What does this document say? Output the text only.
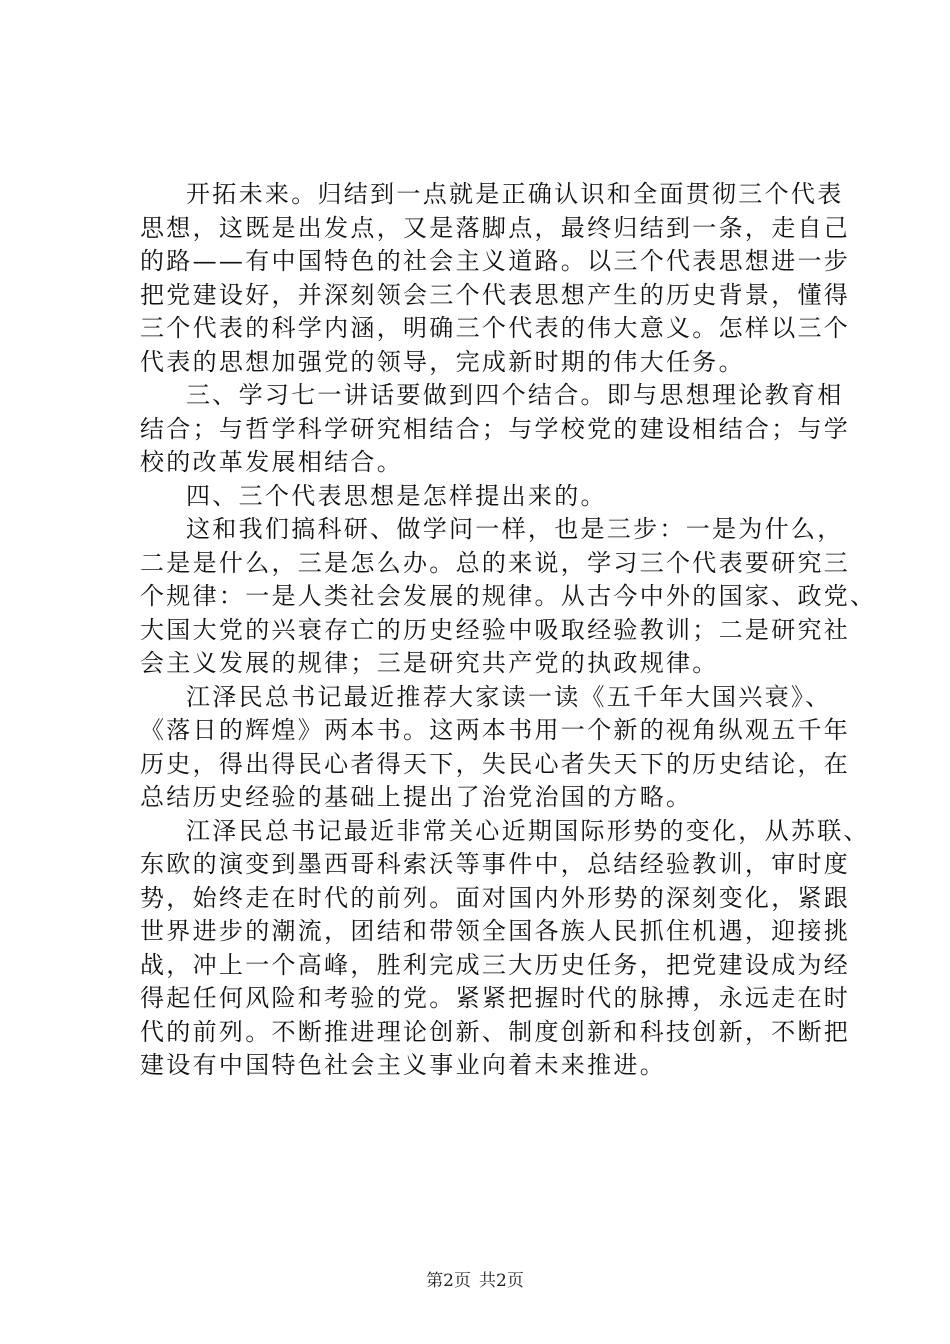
开拓未来。归结到一点就是正确认识和全面贯彻三个代表
思想，这既是出发点，又是落脚点，最终归结到一条，走自己
的路——有中国特色的社会主义道路。以三个代表思想进一步
把党建设好，并深刻领会三个代表思想产生的历史背景，懂得
三个代表的科学内涵，明确三个代表的伟大意义。怎样以三个
代表的思想加强党的领导，完成新时期的伟大任务。
三、学习七一讲话要做到四个结合。即与思想理论教育相
结合；与哲学科学研究相结合；与学校党的建设相结合；与学
校的改革发展相结合。
四、三个代表思想是怎样提出来的。
这和我们搞科研、做学问一样，也是三步：一是为什么，
二是是什么，三是怎么办。总的来说，学习三个代表要研究三
个规律：一是人类社会发展的规律。从古今中外的国家、政党、
大国大党的兴衰存亡的历史经验中吸取经验教训；二是研究社
会主义发展的规律；三是研究共产党的执政规律。
江泽民总书记最近推荐大家读一读《五千年大国兴衰》、
《落日的辉煌》两本书。这两本书用一个新的视角纵观五千年
历史，得出得民心者得天下，失民心者失天下的历史结论，在
总结历史经验的基础上提出了治党治国的方略。
江泽民总书记最近非常关心近期国际形势的变化，从苏联、
东欧的演变到墨西哥科索沃等事件中，总结经验教训，审时度
势，始终走在时代的前列。面对国内外形势的深刻变化，紧跟
世界进步的潮流，团结和带领全国各族人民抓住机遇，迎接挑
战，冲上一个高峰，胜利完成三大历史任务，把党建设成为经
得起任何风险和考验的党。紧紧把握时代的脉搏，永远走在时
代的前列。不断推进理论创新、制度创新和科技创新，不断把
建设有中国特色社会主义事业向着未来推进。
第2页 共2页
